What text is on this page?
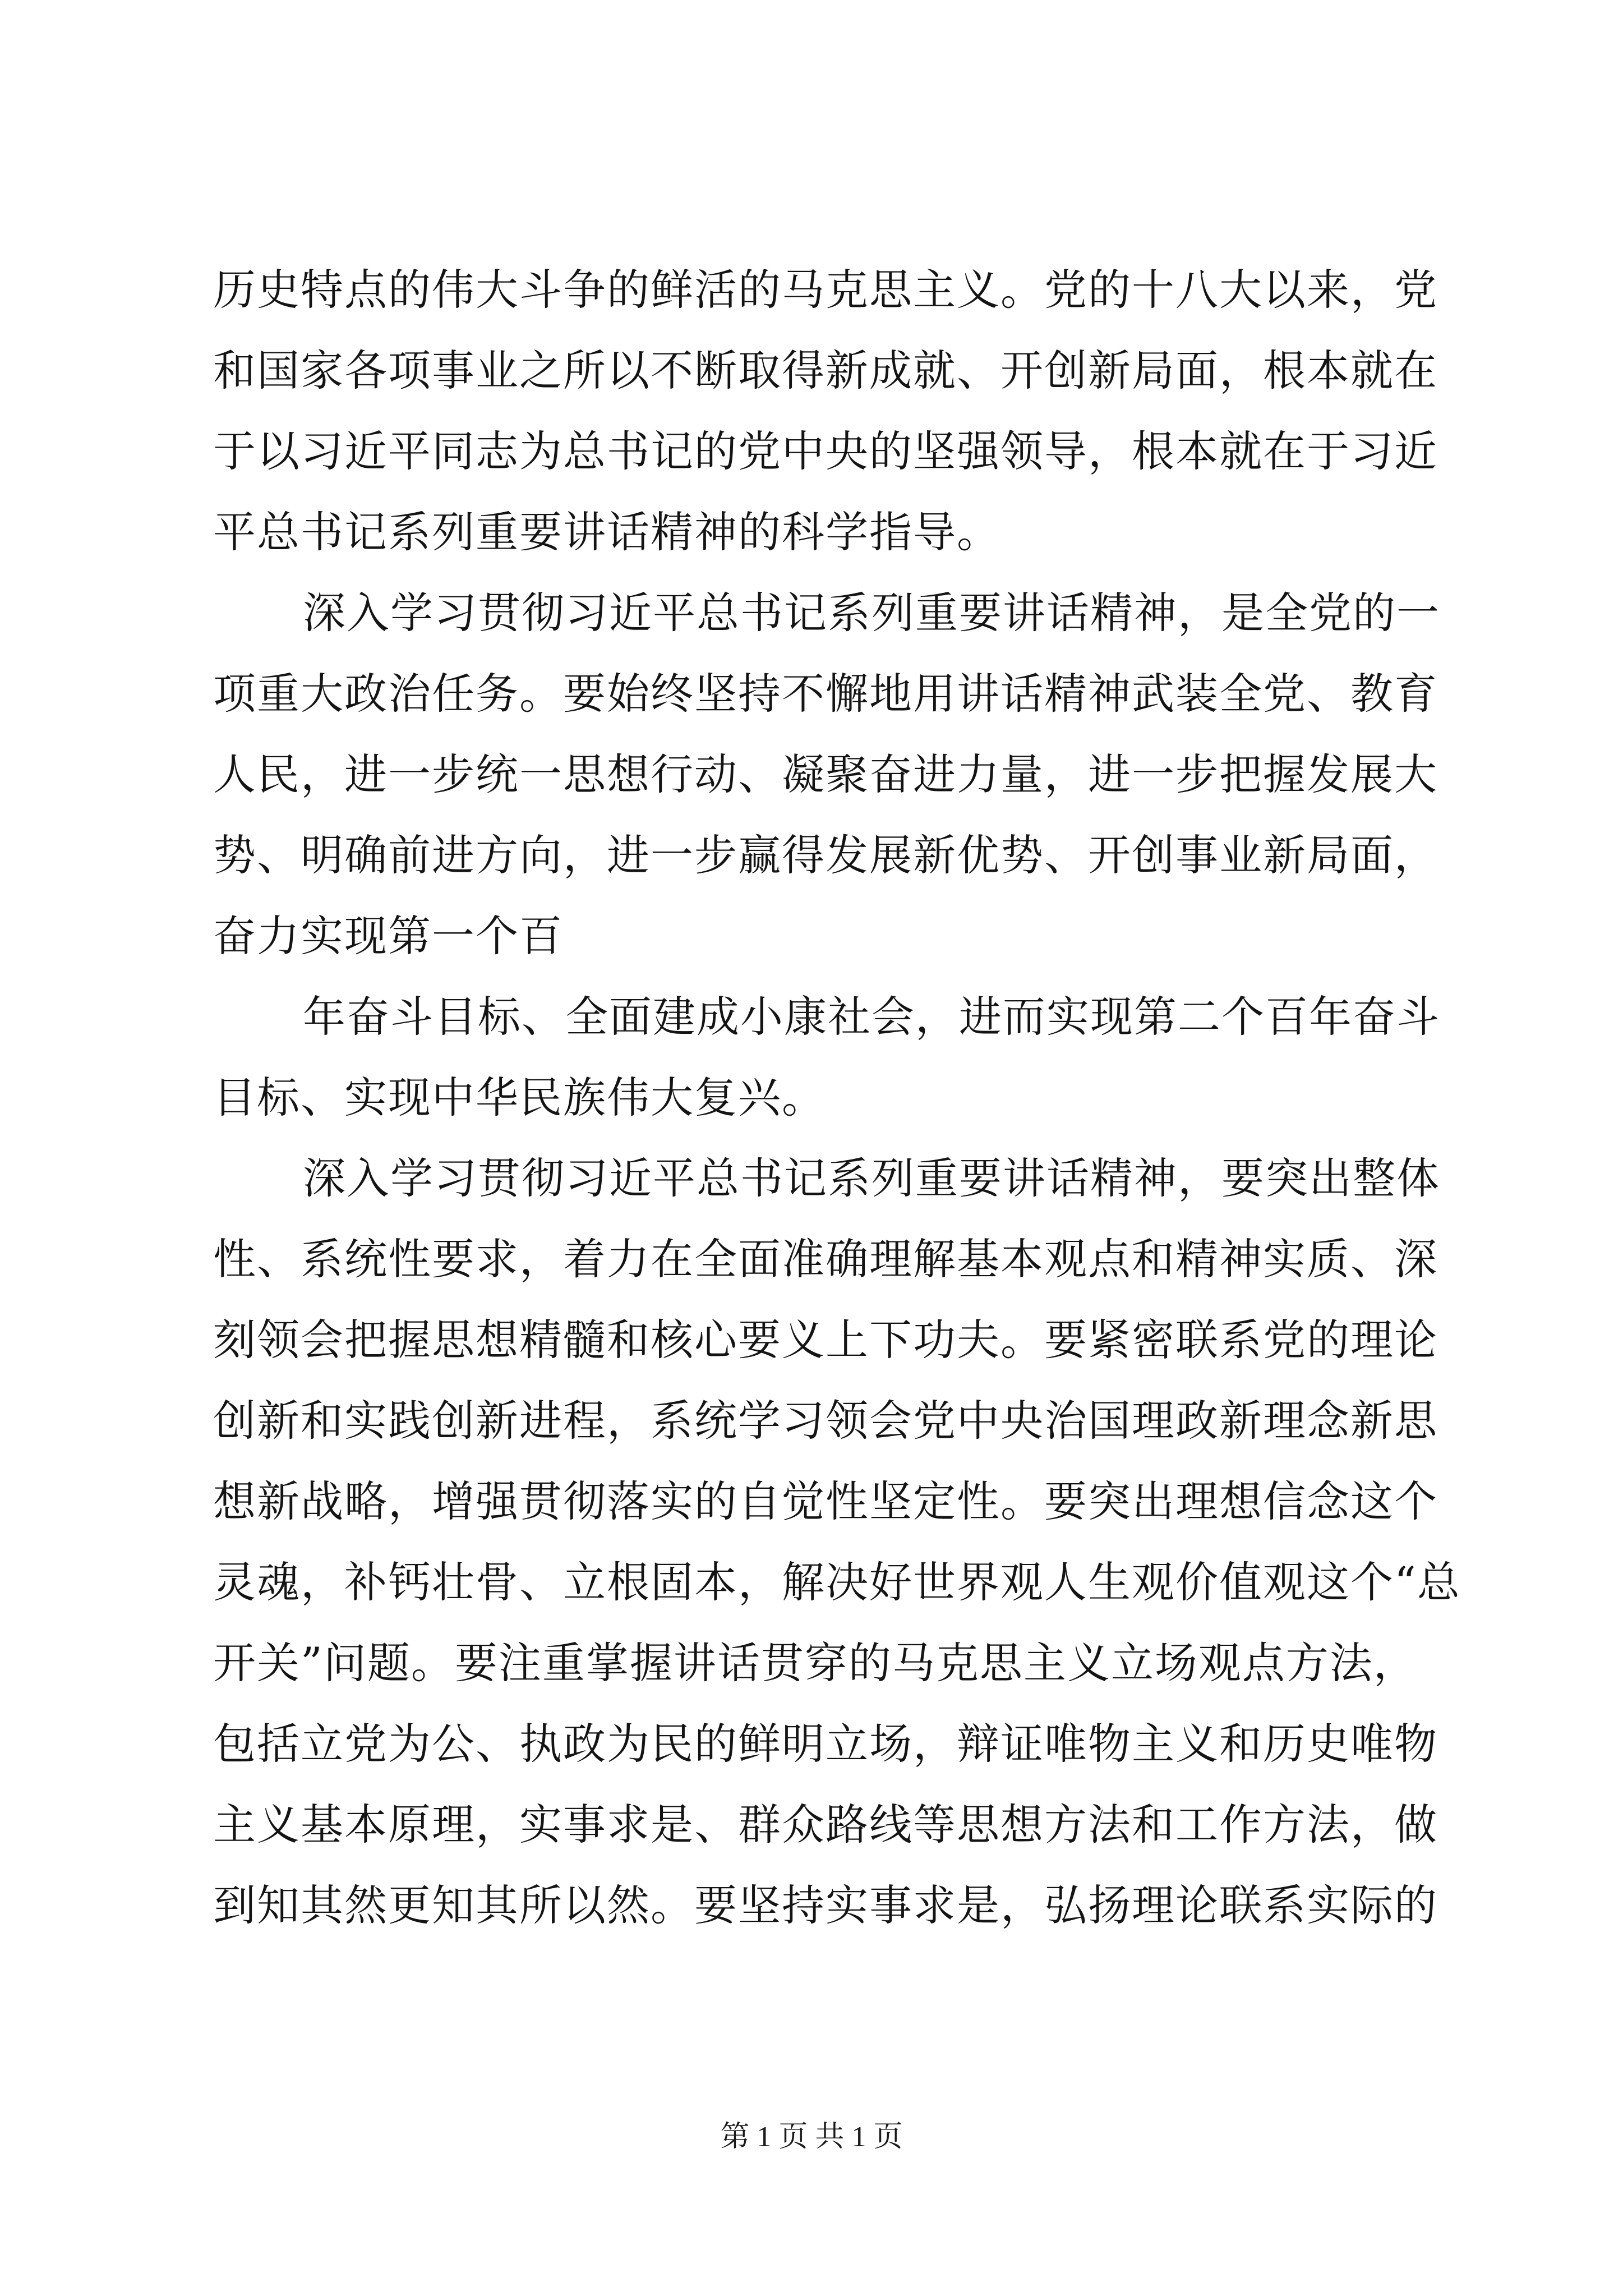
历史特点的伟大斗争的鲜活的马克思主义。党的十八大以来，党
和国家各项事业之所以不断取得新成就、开创新局面，根本就在
于以习近平同志为总书记的党中央的坚强领导，根本就在于习近
平总书记系列重要讲话精神的科学指导。
深入学习贯彻习近平总书记系列重要讲话精神，是全党的一
项重大政治任务。要始终坚持不懈地用讲话精神武装全党、教育
人民，进一步统一思想行动、凝聚奋进力量，进一步把握发展大
势、明确前进方向，进一步赢得发展新优势、开创事业新局面，
奋力实现第一个百
年奋斗目标、全面建成小康社会，进而实现第二个百年奋斗
目标、实现中华民族伟大复兴。
深入学习贯彻习近平总书记系列重要讲话精神，要突出整体
性、系统性要求，着力在全面准确理解基本观点和精神实质、深
刻领会把握思想精髓和核心要义上下功夫。要紧密联系党的理论
创新和实践创新进程，系统学习领会党中央治国理政新理念新思
想新战略，增强贯彻落实的自觉性坚定性。要突出理想信念这个
灵魂，补钙壮骨、立根固本，解决好世界观人生观价值观这个“总
开关”问题。要注重掌握讲话贯穿的马克思主义立场观点方法，
包括立党为公、执政为民的鲜明立场，辩证唯物主义和历史唯物
主义基本原理，实事求是、群众路线等思想方法和工作方法，做
到知其然更知其所以然。要坚持实事求是，弘扬理论联系实际的
第 1 页 共 1 页
